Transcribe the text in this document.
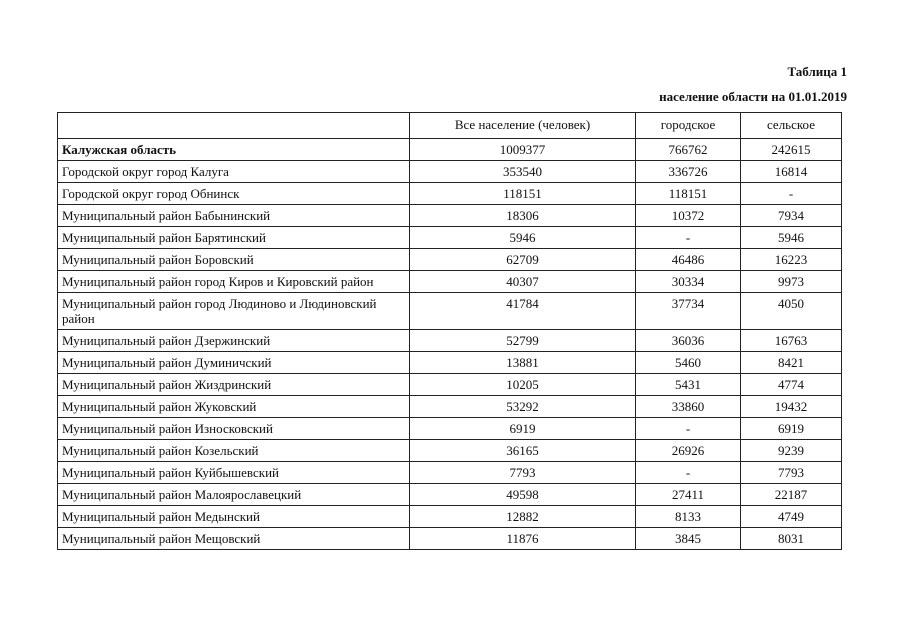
Таблица 1
население области на 01.01.2019
	Все население (человек)	городское	сельское
Калужская область	1009377	766762	242615
Городской округ город Калуга	353540	336726	16814
Городской округ город Обнинск	118151	118151	-
Муниципальный район Бабынинский	18306	10372	7934
Муниципальный район Барятинский	5946	-	5946
Муниципальный район Боровский	62709	46486	16223
Муниципальный район город Киров и Кировский район	40307	30334	9973
Муниципальный район город Людиново и Людиновский район	41784	37734	4050
Муниципальный район Дзержинский	52799	36036	16763
Муниципальный район Думиничский	13881	5460	8421
Муниципальный район Жиздринский	10205	5431	4774
Муниципальный район Жуковский	53292	33860	19432
Муниципальный район Износковский	6919	-	6919
Муниципальный район Козельский	36165	26926	9239
Муниципальный район Куйбышевский	7793	-	7793
Муниципальный район Малоярославецкий	49598	27411	22187
Муниципальный район Медынский	12882	8133	4749
Муниципальный район Мещовский	11876	3845	8031
